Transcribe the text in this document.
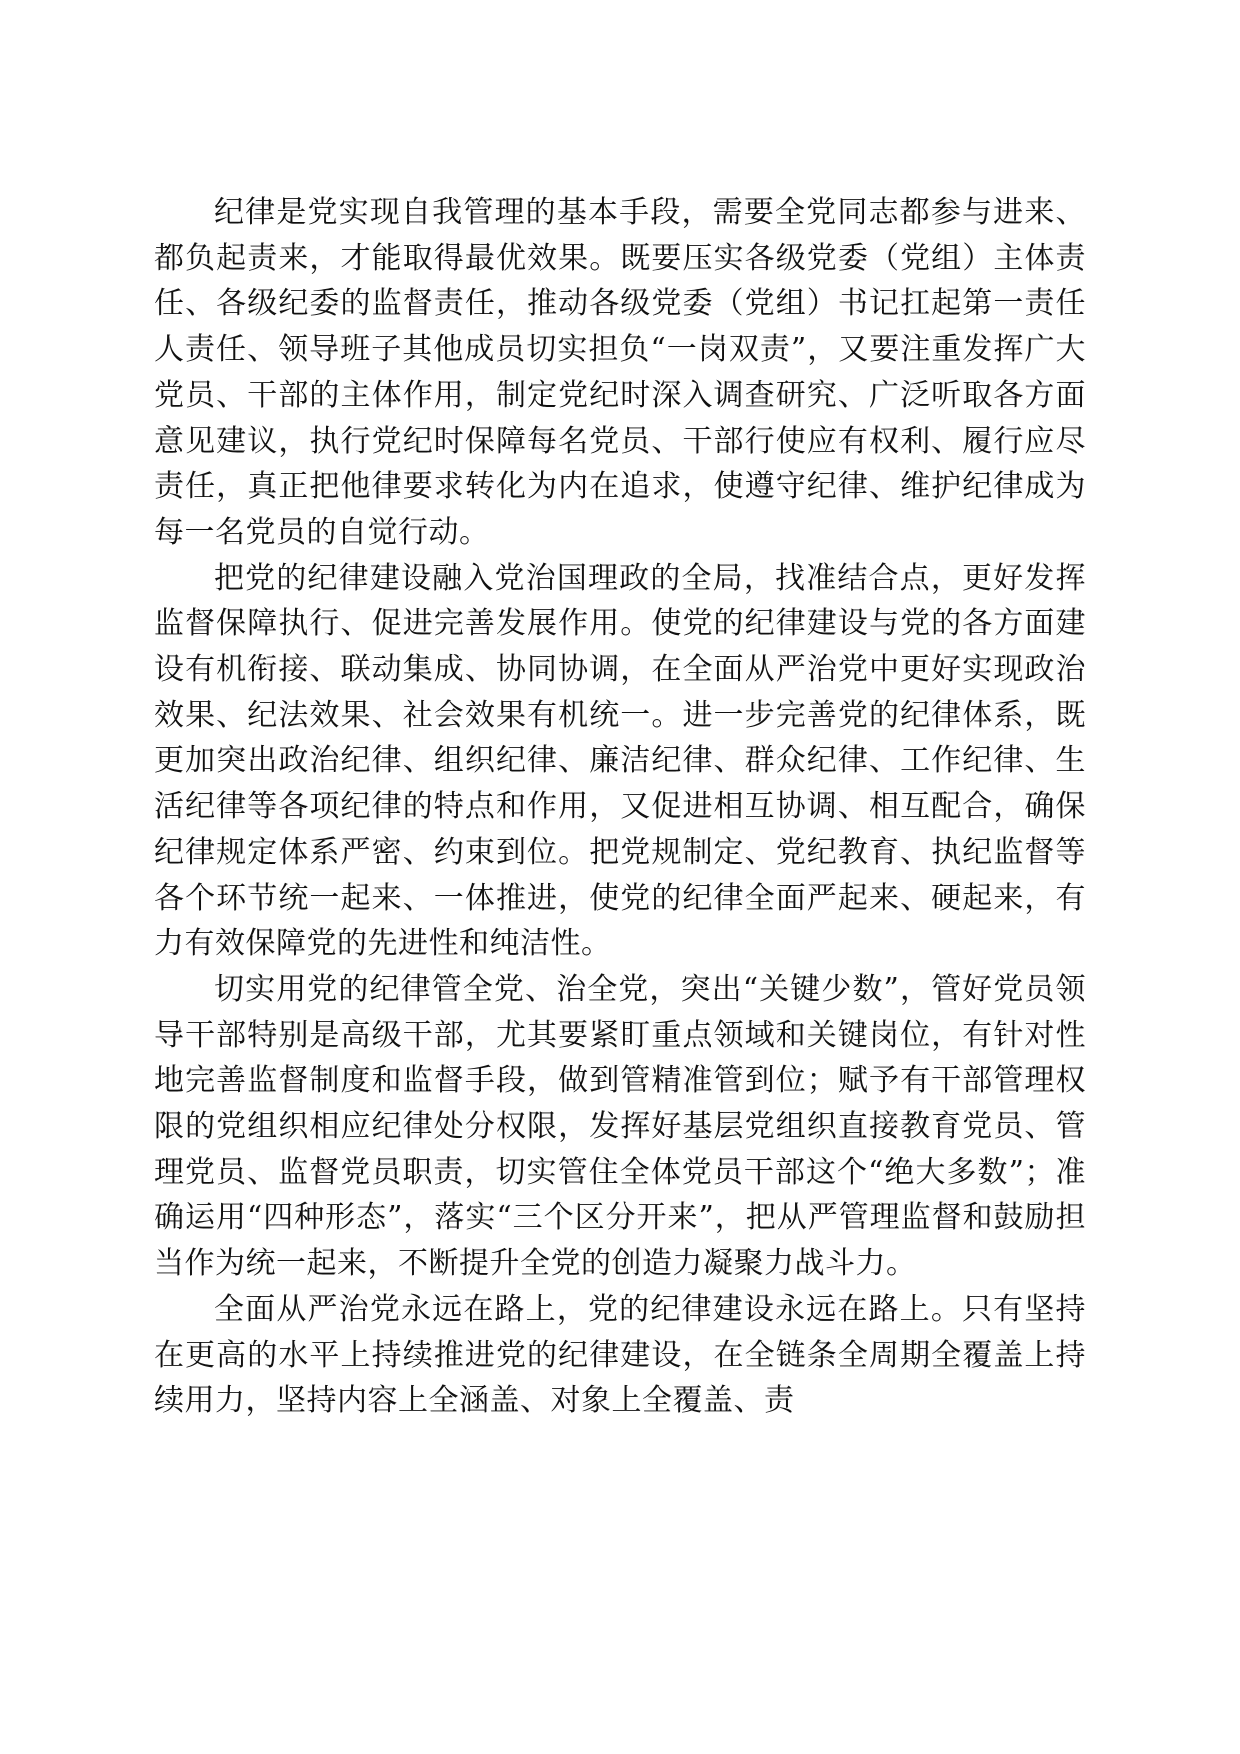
纪律是党实现自我管理的基本手段，需要全党同志都参与进来、都负起责来，才能取得最优效果。既要压实各级党委（党组）主体责任、各级纪委的监督责任，推动各级党委（党组）书记扛起第一责任人责任、领导班子其他成员切实担负“一岗双责”，又要注重发挥广大党员、干部的主体作用，制定党纪时深入调查研究、广泛听取各方面意见建议，执行党纪时保障每名党员、干部行使应有权利、履行应尽责任，真正把他律要求转化为内在追求，使遵守纪律、维护纪律成为每一名党员的自觉行动。

把党的纪律建设融入党治国理政的全局，找准结合点，更好发挥监督保障执行、促进完善发展作用。使党的纪律建设与党的各方面建设有机衔接、联动集成、协同协调，在全面从严治党中更好实现政治效果、纪法效果、社会效果有机统一。进一步完善党的纪律体系，既更加突出政治纪律、组织纪律、廉洁纪律、群众纪律、工作纪律、生活纪律等各项纪律的特点和作用，又促进相互协调、相互配合，确保纪律规定体系严密、约束到位。把党规制定、党纪教育、执纪监督等各个环节统一起来、一体推进，使党的纪律全面严起来、硬起来，有力有效保障党的先进性和纯洁性。

切实用党的纪律管全党、治全党，突出“关键少数”，管好党员领导干部特别是高级干部，尤其要紧盯重点领域和关键岗位，有针对性地完善监督制度和监督手段，做到管精准管到位；赋予有干部管理权限的党组织相应纪律处分权限，发挥好基层党组织直接教育党员、管理党员、监督党员职责，切实管住全体党员干部这个“绝大多数”；准确运用“四种形态”，落实“三个区分开来”，把从严管理监督和鼓励担当作为统一起来，不断提升全党的创造力凝聚力战斗力。

全面从严治党永远在路上，党的纪律建设永远在路上。只有坚持在更高的水平上持续推进党的纪律建设，在全链条全周期全覆盖上持续用力，坚持内容上全涵盖、对象上全覆盖、责
